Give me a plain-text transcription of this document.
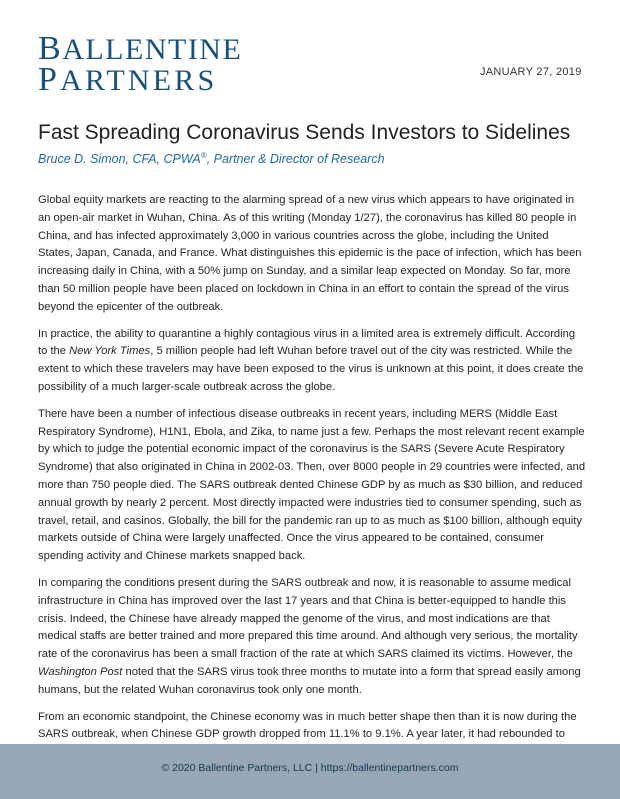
BALLENTINE
PARTNERS	JANUARY 27, 2019
Fast Spreading Coronavirus Sends Investors to Sidelines
Bruce D. Simon, CFA, CPWA®, Partner & Director of Research

Global equity markets are reacting to the alarming spread of a new virus which appears to have originated in an open-air market in Wuhan, China. As of this writing (Monday 1/27), the coronavirus has killed 80 people in China, and has infected approximately 3,000 in various countries across the globe, including the United States, Japan, Canada, and France. What distinguishes this epidemic is the pace of infection, which has been increasing daily in China, with a 50% jump on Sunday, and a similar leap expected on Monday. So far, more than 50 million people have been placed on lockdown in China in an effort to contain the spread of the virus beyond the epicenter of the outbreak.

In practice, the ability to quarantine a highly contagious virus in a limited area is extremely difficult. According to the New York Times, 5 million people had left Wuhan before travel out of the city was restricted. While the extent to which these travelers may have been exposed to the virus is unknown at this point, it does create the possibility of a much larger-scale outbreak across the globe.

There have been a number of infectious disease outbreaks in recent years, including MERS (Middle East Respiratory Syndrome), H1N1, Ebola, and Zika, to name just a few. Perhaps the most relevant recent example by which to judge the potential economic impact of the coronavirus is the SARS (Severe Acute Respiratory Syndrome) that also originated in China in 2002-03. Then, over 8000 people in 29 countries were infected, and more than 750 people died. The SARS outbreak dented Chinese GDP by as much as $30 billion, and reduced annual growth by nearly 2 percent. Most directly impacted were industries tied to consumer spending, such as travel, retail, and casinos. Globally, the bill for the pandemic ran up to as much as $100 billion, although equity markets outside of China were largely unaffected. Once the virus appeared to be contained, consumer spending activity and Chinese markets snapped back.

In comparing the conditions present during the SARS outbreak and now, it is reasonable to assume medical infrastructure in China has improved over the last 17 years and that China is better-equipped to handle this crisis. Indeed, the Chinese have already mapped the genome of the virus, and most indications are that medical staffs are better trained and more prepared this time around. And although very serious, the mortality rate of the coronavirus has been a small fraction of the rate at which SARS claimed its victims. However, the Washington Post noted that the SARS virus took three months to mutate into a form that spread easily among humans, but the related Wuhan coronavirus took only one month.

From an economic standpoint, the Chinese economy was in much better shape then than it is now during the SARS outbreak, when Chinese GDP growth dropped from 11.1% to 9.1%. A year later, it had rebounded to

© 2020 Ballentine Partners, LLC | https://ballentinepartners.com
